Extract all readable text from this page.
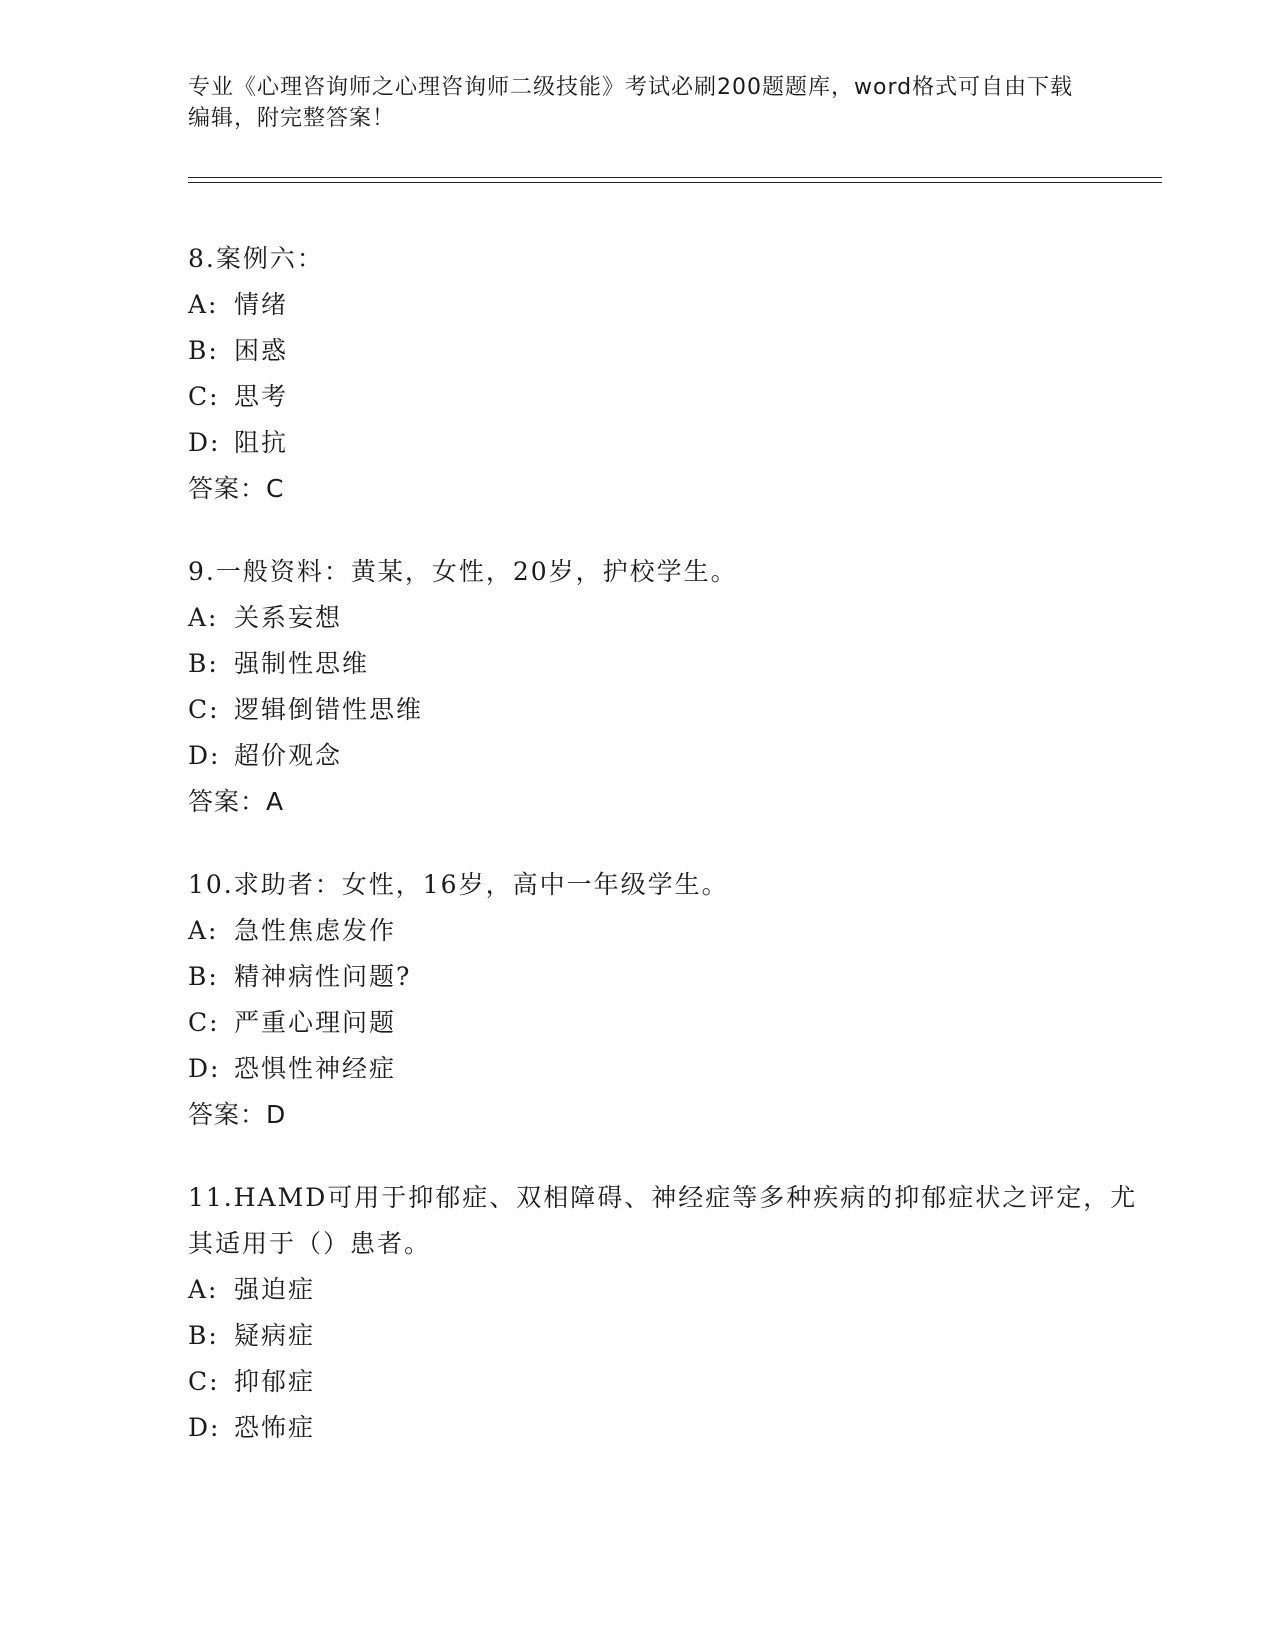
专业《心理咨询师之心理咨询师二级技能》考试必刷200题题库，word格式可自由下载编辑，附完整答案！
8.案例六：
A: 情绪
B: 困惑
C: 思考
D: 阻抗
答案：C
9.一般资料：黄某，女性，20岁，护校学生。
A: 关系妄想
B: 强制性思维
C: 逻辑倒错性思维
D: 超价观念
答案：A
10.求助者：女性，16岁，高中一年级学生。
A: 急性焦虑发作
B: 精神病性问题?
C: 严重心理问题
D: 恐惧性神经症
答案：D
11.HAMD可用于抑郁症、双相障碍、神经症等多种疾病的抑郁症状之评定，尤其适用于（）患者。
A: 强迫症
B: 疑病症
C: 抑郁症
D: 恐怖症
